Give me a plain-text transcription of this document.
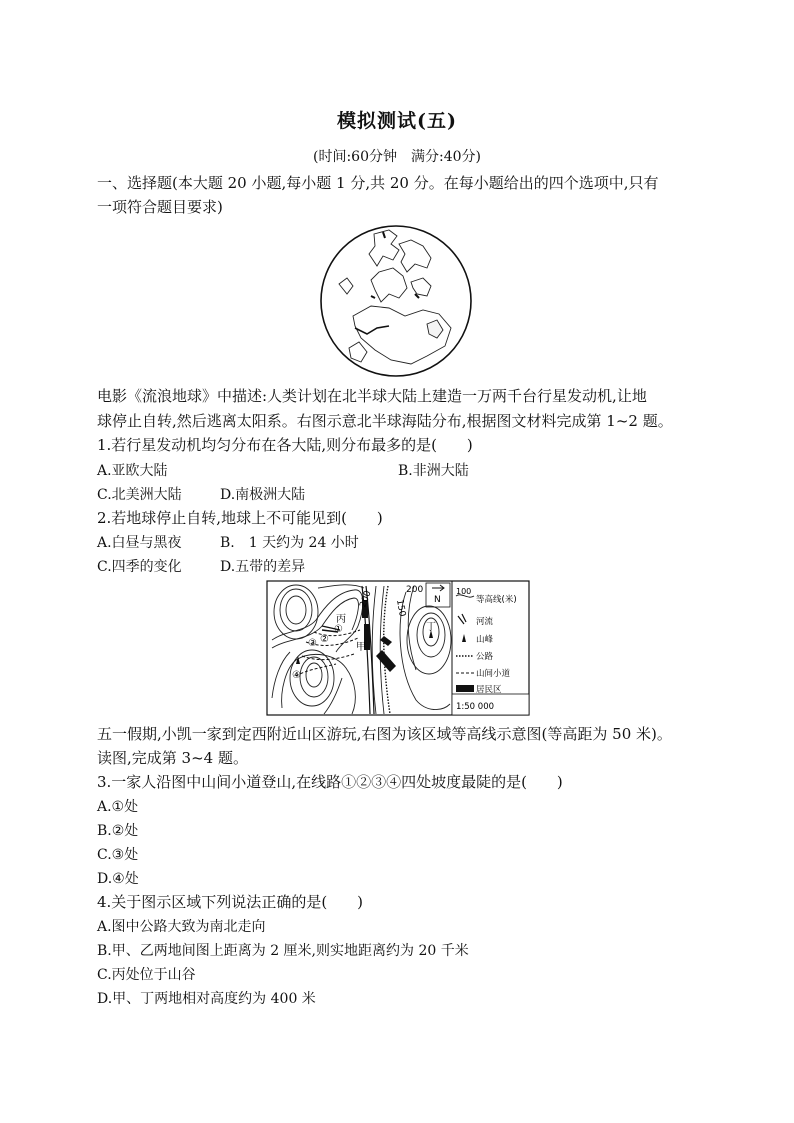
模拟测试(五)
(时间:60分钟　满分:40分)
一、选择题(本大题 20 小题,每小题 1 分,共 20 分。在每小题给出的四个选项中,只有
一项符合题目要求)
电影《流浪地球》中描述:人类计划在北半球大陆上建造一万两千台行星发动机,让地
球停止自转,然后逃离太阳系。右图示意北半球海陆分布,根据图文材料完成第 1~2 题。
1.若行星发动机均匀分布在各大陆,则分布最多的是(　　)
A.亚欧大陆	B.非洲大陆
C.北美洲大陆	D.南极洲大陆
2.若地球停止自转,地球上不可能见到(　　)
A.白昼与黑夜	B.　1 天约为 24 小时
C.四季的变化	D.五带的差异
200 150
200
N
丙
甲
丁
①
②
③
④
1:50 000
100
等高线(米)
河流
山峰
公路
山间小道
居民区
五一假期,小凯一家到定西附近山区游玩,右图为该区域等高线示意图(等高距为 50 米)。
读图,完成第 3~4 题。
3.一家人沿图中山间小道登山,在线路①②③④四处坡度最陡的是(　　)
A.①处
B.②处
C.③处
D.④处
4.关于图示区域下列说法正确的是(　　)
A.图中公路大致为南北走向
B.甲、乙两地间图上距离为 2 厘米,则实地距离约为 20 千米
C.丙处位于山谷
D.甲、丁两地相对高度约为 400 米
